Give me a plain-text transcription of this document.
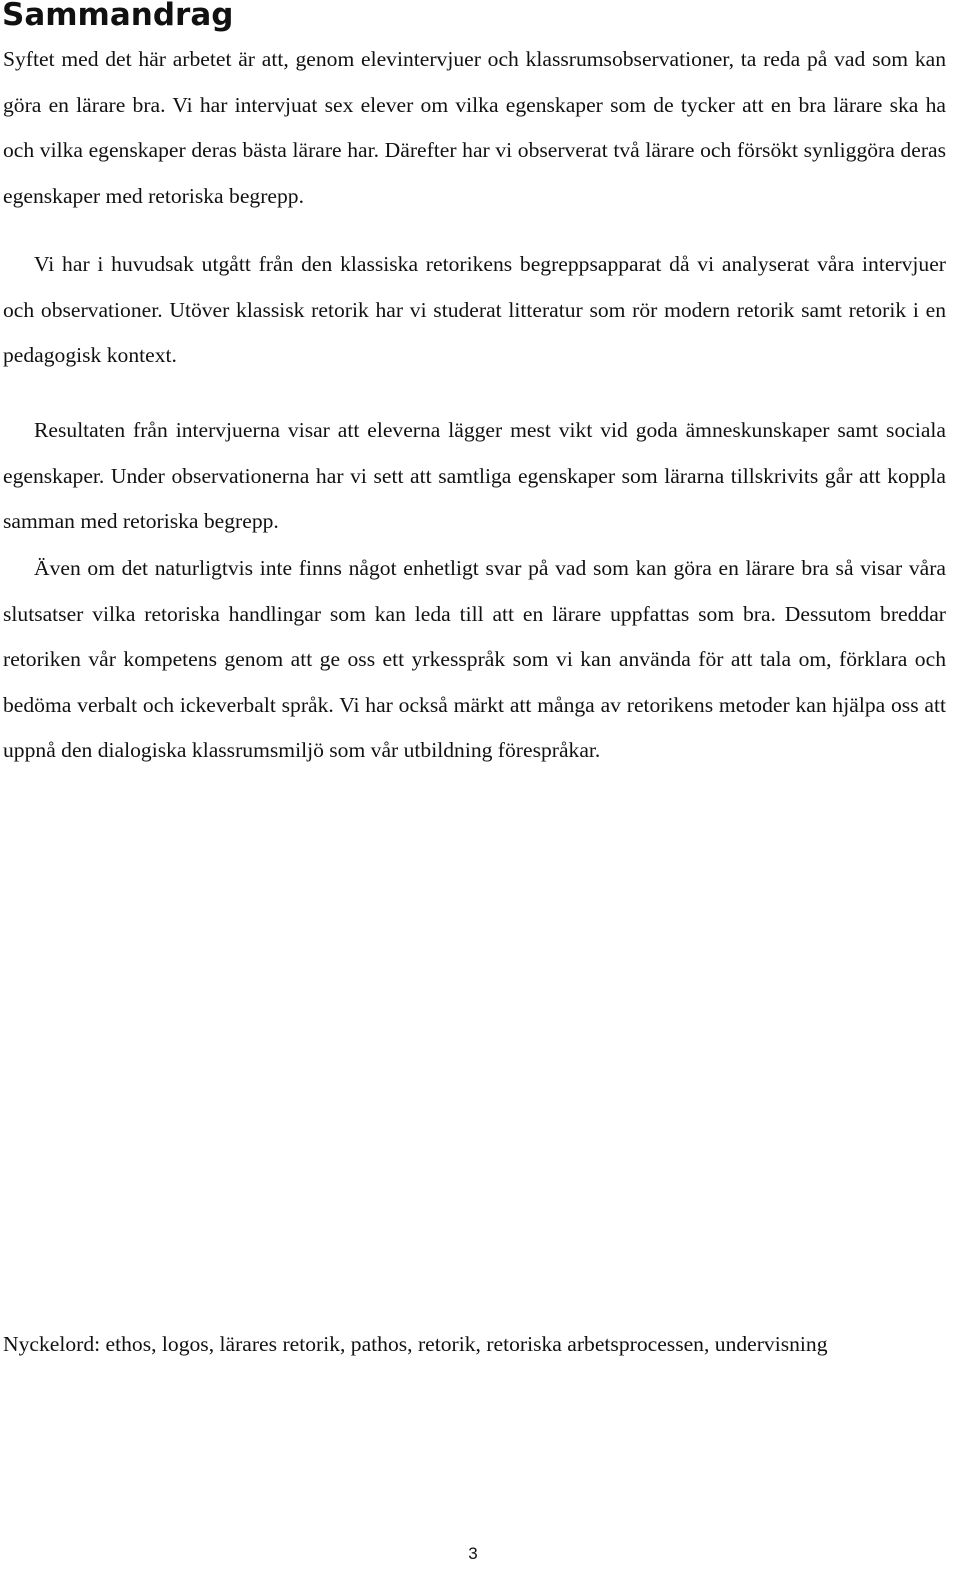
Sammandrag

Syftet med det här arbetet är att, genom elevintervjuer och klassrumsobservationer, ta reda på vad som kan göra en lärare bra. Vi har intervjuat sex elever om vilka egenskaper som de tycker att en bra lärare ska ha och vilka egenskaper deras bästa lärare har. Därefter har vi observerat två lärare och försökt synliggöra deras egenskaper med retoriska begrepp.

Vi har i huvudsak utgått från den klassiska retorikens begreppsapparat då vi analyserat våra intervjuer och observationer. Utöver klassisk retorik har vi studerat litteratur som rör modern retorik samt retorik i en pedagogisk kontext.

Resultaten från intervjuerna visar att eleverna lägger mest vikt vid goda ämneskunskaper samt sociala egenskaper. Under observationerna har vi sett att samtliga egenskaper som lärarna tillskrivits går att koppla samman med retoriska begrepp.

Även om det naturligtvis inte finns något enhetligt svar på vad som kan göra en lärare bra så visar våra slutsatser vilka retoriska handlingar som kan leda till att en lärare uppfattas som bra. Dessutom breddar retoriken vår kompetens genom att ge oss ett yrkesspråk som vi kan använda för att tala om, förklara och bedöma verbalt och ickeverbalt språk. Vi har också märkt att många av retorikens metoder kan hjälpa oss att uppnå den dialogiska klassrumsmiljö som vår utbildning förespråkar.

Nyckelord: ethos, logos, lärares retorik, pathos, retorik, retoriska arbetsprocessen, undervisning

3
